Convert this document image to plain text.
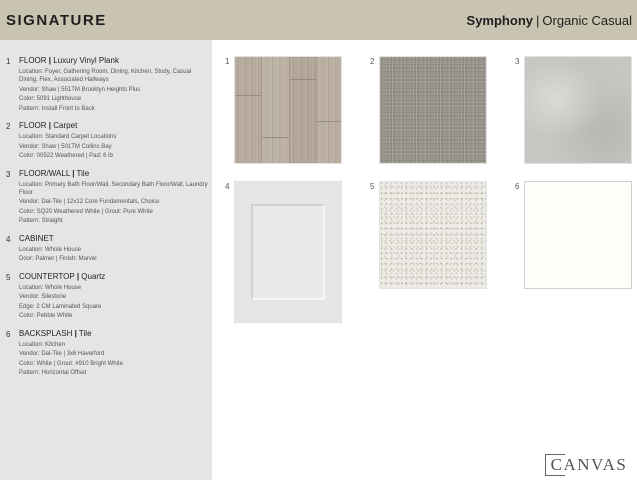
SIGNATURE	Symphony | Organic Casual
1	FLOOR | Luxury Vinyl Plank
Location: Foyer, Gathering Room, Dining, Kitchen, Study, Casual Dining, Flex, Associated Hallways
Vendor: Shaw | 551TM Brooklyn Heights Plus
Color: 5091 Lighthouse
Pattern: Install Front to Back
2	FLOOR | Carpet
Location: Standard Carpet Locations
Vendor: Shaw | 501TM Collins Bay
Color: 00522 Weathered | Pad: 6 lb
3	FLOOR/WALL | Tile
Location: Primary Bath Floor/Wall, Secondary Bath Floor/Wall, Laundry Floor
Vendor: Dal-Tile | 12x12 Core Fundamentals, Choice
Color: SQ20 Weathered White | Grout: Pure White
Pattern: Straight
4	CABINET
Location: Whole House
Door: Palmer | Finish: Marvel
5	COUNTERTOP | Quartz
Location: Whole House
Vendor: Silestone
Edge: 2 CM Laminated Square
Color: Pebble White
6	BACKSPLASH | Tile
Location: Kitchen
Vendor: Dal-Tile | 3x6 Haverford
Color: White | Grout: #910 Bright White
Pattern: Horizontal Offset
1	2	3
4	5	6
CANVAS
